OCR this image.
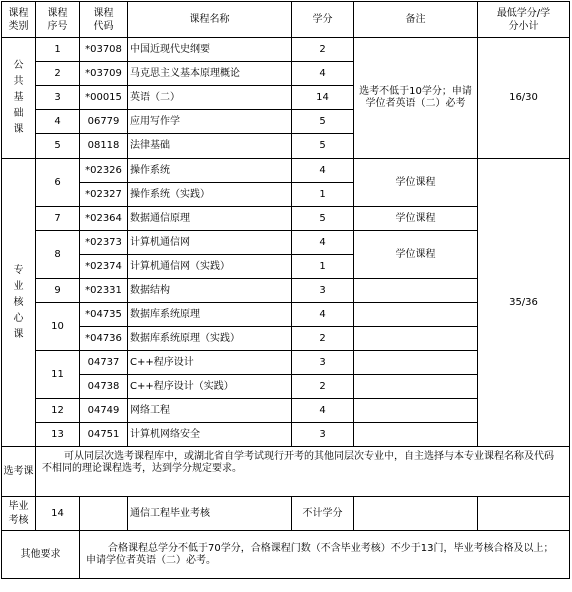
课程类别	课程序号	课程代码	课程名称	学分	备注	最低学分/学分小计
公共基础课	1	*03708	中国近现代史纲要	2	选考不低于10学分；申请学位者英语（二）必考	16/30
	2	*03709	马克思主义基本原理概论	4		
	3	*00015	英语（二）	14		
	4	06779	应用写作学	5		
	5	08118	法律基础	5		
专业核心课	6	*02326	操作系统	4	学位课程	35/36
		*02327	操作系统（实践）	1		
	7	*02364	数据通信原理	5	学位课程	
	8	*02373	计算机通信网	4	学位课程	
		*02374	计算机通信网（实践）	1		
	9	*02331	数据结构	3		
	10	*04735	数据库系统原理	4		
		*04736	数据库系统原理（实践）	2		
	11	04737	C++程序设计	3		
		04738	C++程序设计（实践）	2		
	12	04749	网络工程	4		
	13	04751	计算机网络安全	3		
选考课	可从同层次选考课程库中，或湖北省自学考试现行开考的其他同层次专业中，自主选择与本专业课程名称及代码不相同的理论课程选考，达到学分规定要求。					
毕业考核	14		通信工程毕业考核	不计学分		
其他要求		合格课程总学分不低于70学分，合格课程门数（不含毕业考核）不少于13门，毕业考核合格及以上；申请学位者英语（二）必考。				
